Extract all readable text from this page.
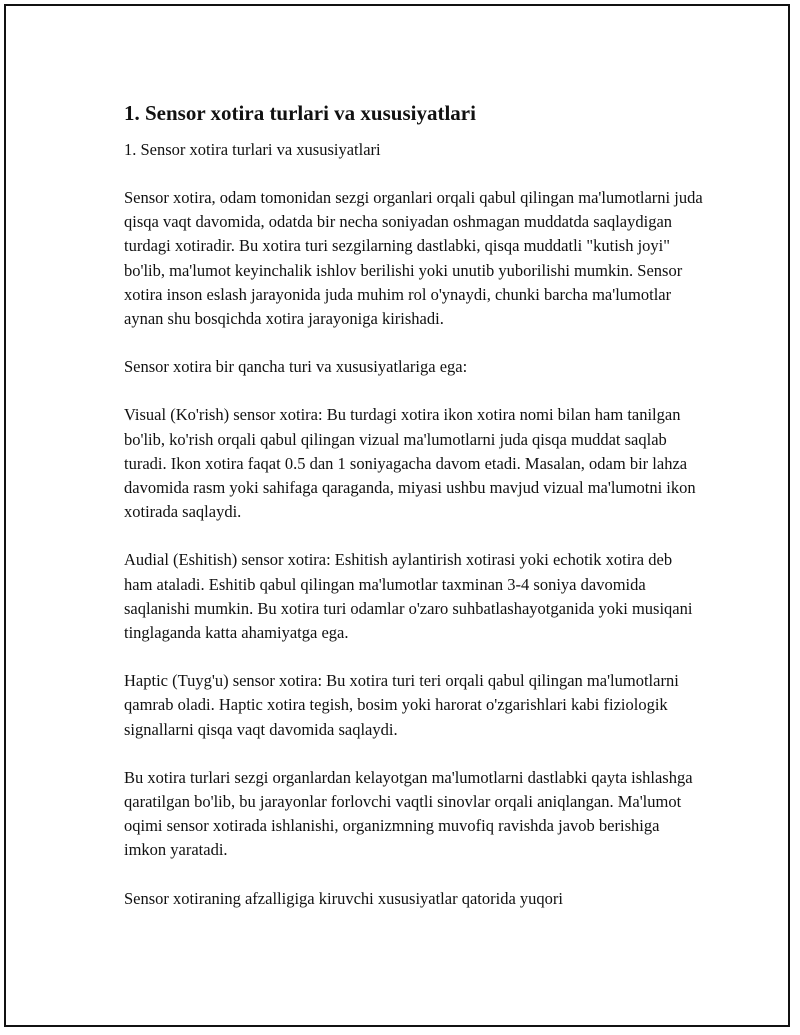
1. Sensor xotira turlari va xususiyatlari

1. Sensor xotira turlari va xususiyatlari

Sensor xotira, odam tomonidan sezgi organlari orqali qabul qilingan ma'lumotlarni juda qisqa vaqt davomida, odatda bir necha soniyadan oshmagan muddatda saqlaydigan turdagi xotiradir. Bu xotira turi sezgilarning dastlabki, qisqa muddatli "kutish joyi" bo'lib, ma'lumot keyinchalik ishlov berilishi yoki unutib yuborilishi mumkin. Sensor xotira inson eslash jarayonida juda muhim rol o'ynaydi, chunki barcha ma'lumotlar aynan shu bosqichda xotira jarayoniga kirishadi.

Sensor xotira bir qancha turi va xususiyatlariga ega:

Visual (Ko'rish) sensor xotira: Bu turdagi xotira ikon xotira nomi bilan ham tanilgan bo'lib, ko'rish orqali qabul qilingan vizual ma'lumotlarni juda qisqa muddat saqlab turadi. Ikon xotira faqat 0.5 dan 1 soniyagacha davom etadi. Masalan, odam bir lahza davomida rasm yoki sahifaga qaraganda, miyasi ushbu mavjud vizual ma'lumotni ikon xotirada saqlaydi.

Audial (Eshitish) sensor xotira: Eshitish aylantirish xotirasi yoki echotik xotira deb ham ataladi. Eshitib qabul qilingan ma'lumotlar taxminan 3-4 soniya davomida saqlanishi mumkin. Bu xotira turi odamlar o'zaro suhbatlashayotganida yoki musiqani tinglaganda katta ahamiyatga ega.

Haptic (Tuyg'u) sensor xotira: Bu xotira turi teri orqali qabul qilingan ma'lumotlarni qamrab oladi. Haptic xotira tegish, bosim yoki harorat o'zgarishlari kabi fiziologik signallarni qisqa vaqt davomida saqlaydi.

Bu xotira turlari sezgi organlardan kelayotgan ma'lumotlarni dastlabki qayta ishlashga qaratilgan bo'lib, bu jarayonlar forlovchi vaqtli sinovlar orqali aniqlangan. Ma'lumot oqimi sensor xotirada ishlanishi, organizmning muvofiq ravishda javob berishiga imkon yaratadi.

Sensor xotiraning afzalligiga kiruvchi xususiyatlar qatorida yuqori
